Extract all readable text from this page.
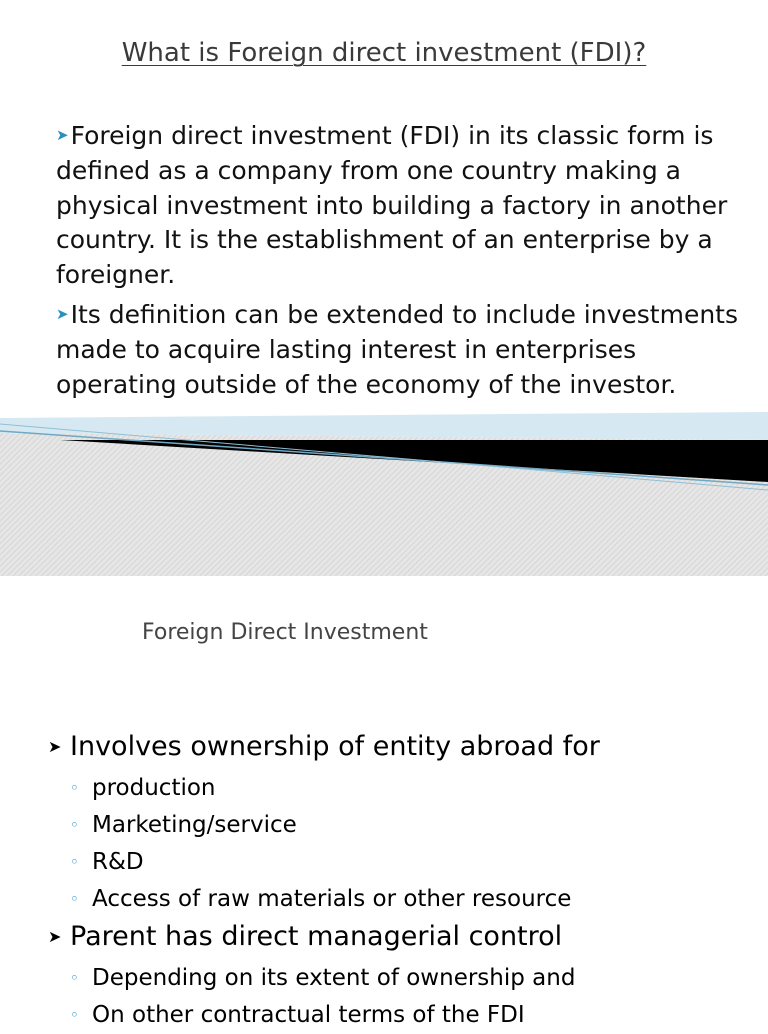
What is Foreign direct investment (FDI)?

➤Foreign direct investment (FDI) in its classic form is defined as a company from one country making a physical investment into building a factory in another country. It is the establishment of an enterprise by a foreigner.

➤Its definition can be extended to include investments made to acquire lasting interest in enterprises operating outside of the economy of the investor.

Foreign Direct Investment

➤ Involves ownership of entity abroad for

◦ production

◦ Marketing/service

◦ R&D

◦ Access of raw materials or other resource

➤ Parent has direct managerial control

◦ Depending on its extent of ownership and

◦ On other contractual terms of the FDI
